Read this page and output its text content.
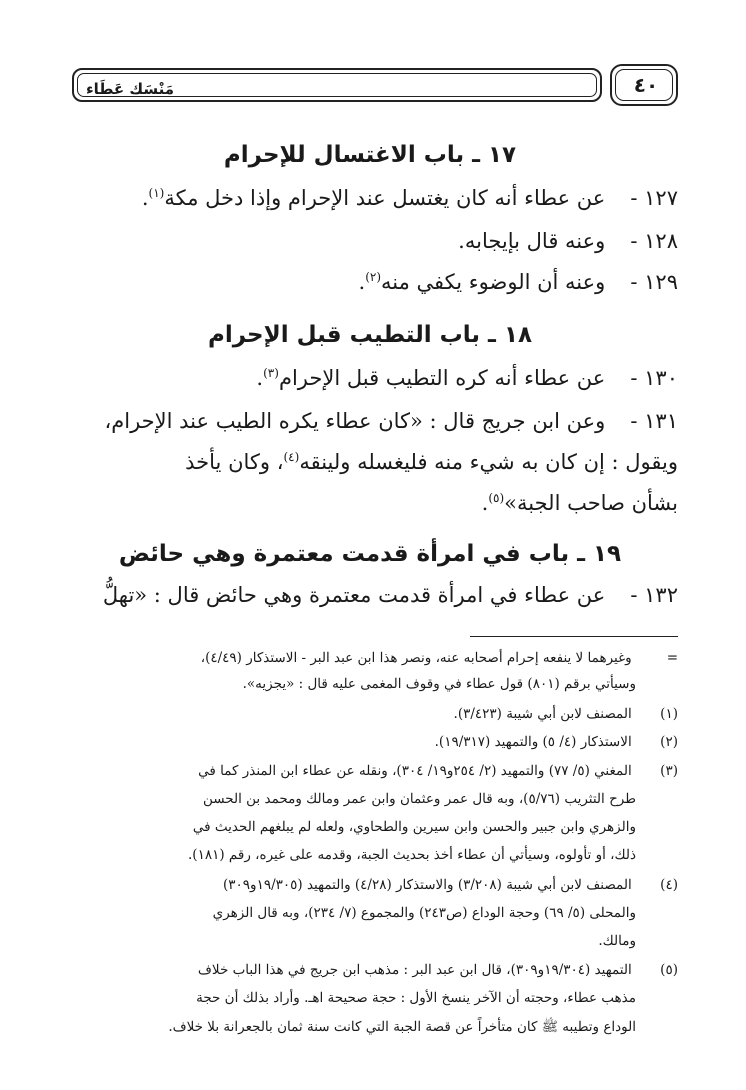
مَنْسَك عَطَاء	٤٠
١٧ ـ باب الاغتسال للإحرام
١٢٧ - عن عطاء أنه كان يغتسل عند الإحرام وإذا دخل مكة$^{(١)}$.
١٢٨ - وعنه قال بإيجابه.
١٢٩ - وعنه أن الوضوء يكفي منه$^{(٢)}$.
١٨ ـ باب التطيب قبل الإحرام
١٣٠ - عن عطاء أنه كره التطيب قبل الإحرام$^{(٣)}$.
١٣١ - وعن ابن جريج قال : «كان عطاء يكره الطيب عند الإحرام،
ويقول : إن كان به شيء منه فليغسله ولينقه$^{(٤)}$، وكان يأخذ
بشأن صاحب الجبة»$^{(٥)}$.
١٩ ـ باب في امرأة قدمت معتمرة وهي حائض
١٣٢ - عن عطاء في امرأة قدمت معتمرة وهي حائض قال : «تهلُّ
= وغيرهما لا ينفعه إحرام أصحابه عنه، ونصر هذا ابن عبد البر - الاستذكار (٤/٤٩)،
وسيأتي برقم (٨٠١) قول عطاء في وقوف المغمى عليه قال : «يجزيه».
(١) المصنف لابن أبي شيبة (٣/٤٢٣).
(٢) الاستذكار (٤/ ٥) والتمهيد (١٩/٣١٧).
(٣) المغني (٥/ ٧٧) والتمهيد (٢/ ٢٥٤و١٩/ ٣٠٤)، ونقله عن عطاء ابن المنذر كما في
طرح التثريب (٥/٧٦)، وبه قال عمر وعثمان وابن عمر ومالك ومحمد بن الحسن
والزهري وابن جبير والحسن وابن سيرين والطحاوي، ولعله لم يبلغهم الحديث في
ذلك، أو تأولوه، وسيأتي أن عطاء أخذ بحديث الجبة، وقدمه على غيره، رقم (١٨١).
(٤) المصنف لابن أبي شيبة (٣/٢٠٨) والاستذكار (٤/٢٨) والتمهيد (١٩/٣٠٥و٣٠٩)
والمحلى (٥/ ٦٩) وحجة الوداع (ص٢٤٣) والمجموع (٧/ ٢٣٤)، وبه قال الزهري
ومالك.
(٥) التمهيد (١٩/٣٠٤و٣٠٩)، قال ابن عبد البر : مذهب ابن جريج في هذا الباب خلاف
مذهب عطاء، وحجته أن الآخر ينسخ الأول : حجة صحيحة اهـ. وأراد بذلك أن حجة
الوداع وتطيبه ﷺ كان متأخراً عن قصة الجبة التي كانت سنة ثمان بالجعرانة بلا خلاف.
